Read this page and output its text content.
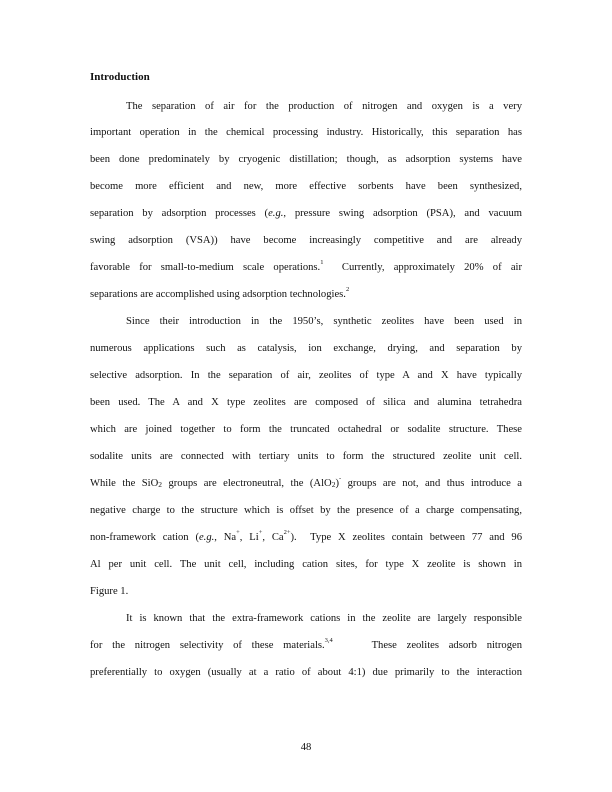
Introduction

The separation of air for the production of nitrogen and oxygen is a very

important operation in the chemical processing industry. Historically, this separation has

been done predominately by cryogenic distillation; though, as adsorption systems have

become more efficient and new, more effective sorbents have been synthesized,

separation by adsorption processes (e.g., pressure swing adsorption (PSA), and vacuum

swing adsorption (VSA)) have become increasingly competitive and are already

favorable for small-to-medium scale operations.$^1$  Currently, approximately 20% of air

separations are accomplished using adsorption technologies.$^2$

Since their introduction in the 1950’s, synthetic zeolites have been used in

numerous applications such as catalysis, ion exchange, drying, and separation by

selective adsorption. In the separation of air, zeolites of type A and X have typically

been used. The A and X type zeolites are composed of silica and alumina tetrahedra

which are joined together to form the truncated octahedral or sodalite structure. These

sodalite units are connected with tertiary units to form the structured zeolite unit cell.

While the SiO$_2$ groups are electroneutral, the (AlO$_2$)- groups are not, and thus introduce a

negative charge to the structure which is offset by the presence of a charge compensating,

non-framework cation (e.g., Na+, Li+, $Ca^{2+}$).  Type X zeolites contain between 77 and 96

Al per unit cell. The unit cell, including cation sites, for type X zeolite is shown in

Figure 1.

It is known that the extra-framework cations in the zeolite are largely responsible

for the nitrogen selectivity of these materials.$^{3,4}$    These zeolites adsorb nitrogen

preferentially to oxygen (usually at a ratio of about 4:1) due primarily to the interaction

48
